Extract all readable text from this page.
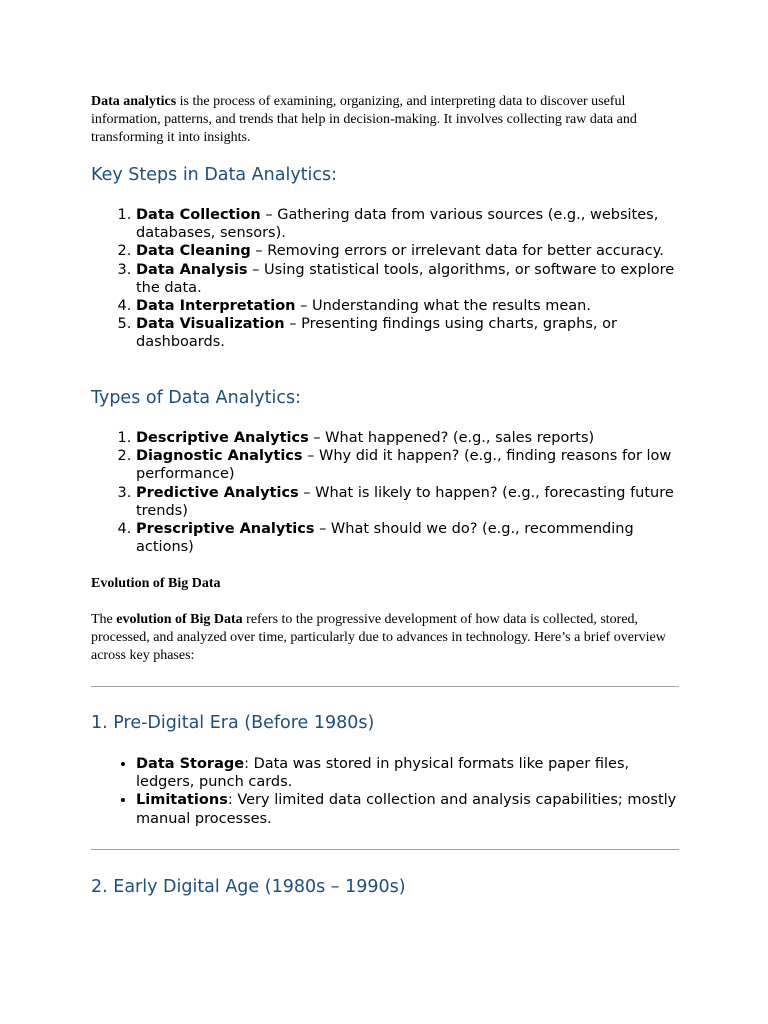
Data analytics is the process of examining, organizing, and interpreting data to discover useful information, patterns, and trends that help in decision-making. It involves collecting raw data and transforming it into insights.

Key Steps in Data Analytics:
1. Data Collection – Gathering data from various sources (e.g., websites, databases, sensors).
2. Data Cleaning – Removing errors or irrelevant data for better accuracy.
3. Data Analysis – Using statistical tools, algorithms, or software to explore the data.
4. Data Interpretation – Understanding what the results mean.
5. Data Visualization – Presenting findings using charts, graphs, or dashboards.
Types of Data Analytics:
1. Descriptive Analytics – What happened? (e.g., sales reports)
2. Diagnostic Analytics – Why did it happen? (e.g., finding reasons for low performance)
3. Predictive Analytics – What is likely to happen? (e.g., forecasting future trends)
4. Prescriptive Analytics – What should we do? (e.g., recommending actions)

Evolution of Big Data

The evolution of Big Data refers to the progressive development of how data is collected, stored, processed, and analyzed over time, particularly due to advances in technology. Here’s a brief overview across key phases:

1. Pre-Digital Era (Before 1980s)
• Data Storage: Data was stored in physical formats like paper files, ledgers, punch cards.
• Limitations: Very limited data collection and analysis capabilities; mostly manual processes.
2. Early Digital Age (1980s – 1990s)
